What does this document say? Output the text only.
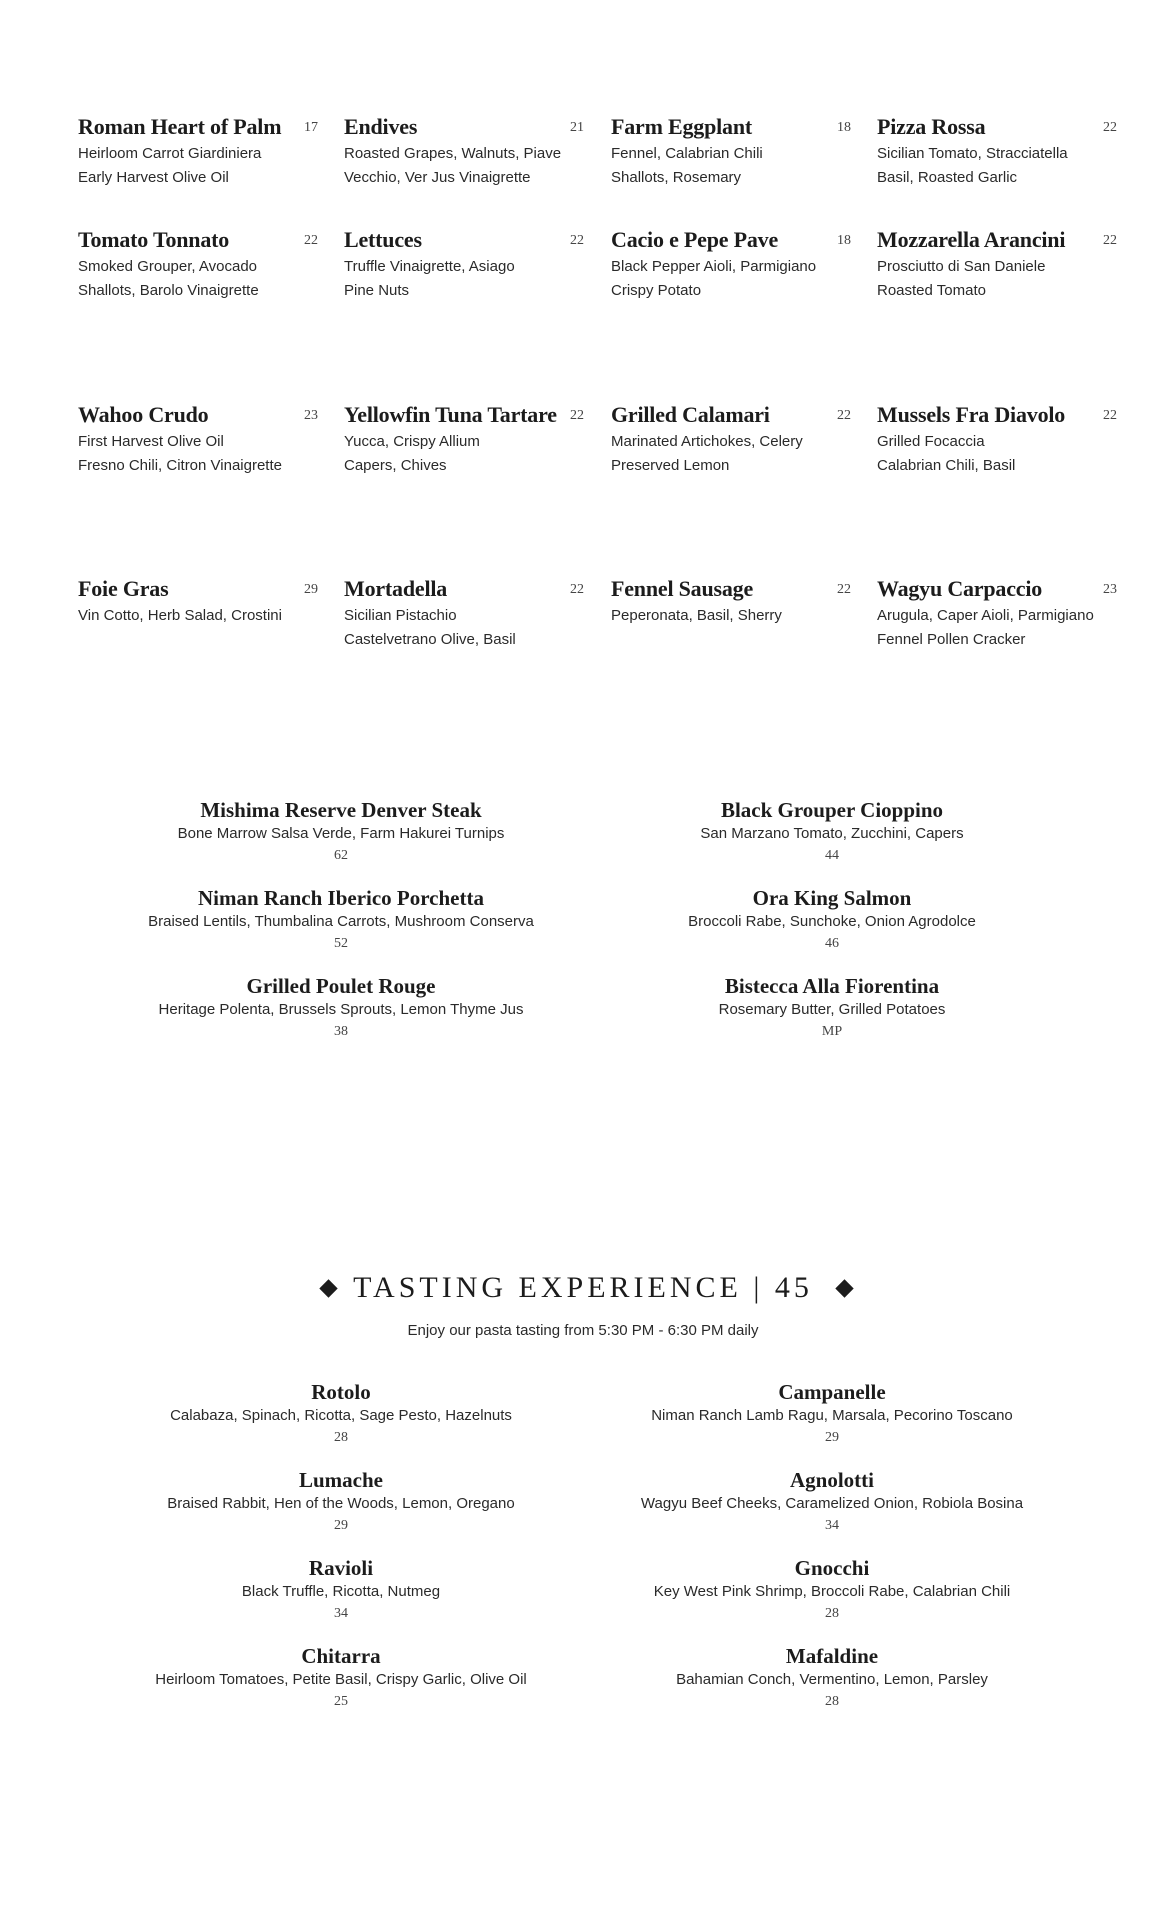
Roman Heart of Palm 17
Heirloom Carrot Giardiniera
Early Harvest Olive Oil
Endives	21
Roasted Grapes, Walnuts, Piave
Vecchio, Ver Jus Vinaigrette
Farm Eggplant	18
Fennel, Calabrian Chili
Shallots, Rosemary
Pizza Rossa	22
Sicilian Tomato, Stracciatella
Basil, Roasted Garlic
Tomato Tonnato	22
Smoked Grouper, Avocado
Shallots, Barolo Vinaigrette
Lettuces	22
Truffle Vinaigrette, Asiago
Pine Nuts
Cacio e Pepe Pave	18
Black Pepper Aioli, Parmigiano
Crispy Potato
Mozzarella Arancini	22
Prosciutto di San Daniele
Roasted Tomato
Wahoo Crudo	23
First Harvest Olive Oil
Fresno Chili, Citron Vinaigrette
Yellowfin Tuna Tartare 22
Yucca, Crispy Allium
Capers, Chives
Grilled Calamari	22
Marinated Artichokes, Celery
Preserved Lemon
Mussels Fra Diavolo	22
Grilled Focaccia
Calabrian Chili, Basil
Foie Gras	29
Vin Cotto, Herb Salad, Crostini
Mortadella	22
Sicilian Pistachio
Castelvetrano Olive, Basil
Fennel Sausage	22
Peperonata, Basil, Sherry
Wagyu Carpaccio	23
Arugula, Caper Aioli, Parmigiano
Fennel Pollen Cracker
Mishima Reserve Denver Steak
Bone Marrow Salsa Verde, Farm Hakurei Turnips
62
Niman Ranch Iberico Porchetta
Braised Lentils, Thumbalina Carrots, Mushroom Conserva
52
Grilled Poulet Rouge
Heritage Polenta, Brussels Sprouts, Lemon Thyme Jus
38
Black Grouper Cioppino
San Marzano Tomato, Zucchini, Capers
44
Ora King Salmon
Broccoli Rabe, Sunchoke, Onion Agrodolce
46
Bistecca Alla Fiorentina
Rosemary Butter, Grilled Potatoes
MP
TASTING EXPERIENCE | 45
Enjoy our pasta tasting from 5:30 PM - 6:30 PM daily
Rotolo
Calabaza, Spinach, Ricotta, Sage Pesto, Hazelnuts
28
Lumache
Braised Rabbit, Hen of the Woods, Lemon, Oregano
29
Ravioli
Black Truffle, Ricotta, Nutmeg
34
Chitarra
Heirloom Tomatoes, Petite Basil, Crispy Garlic, Olive Oil
25
Campanelle
Niman Ranch Lamb Ragu, Marsala, Pecorino Toscano
29
Agnolotti
Wagyu Beef Cheeks, Caramelized Onion, Robiola Bosina
34
Gnocchi
Key West Pink Shrimp, Broccoli Rabe, Calabrian Chili
28
Mafaldine
Bahamian Conch, Vermentino, Lemon, Parsley
28
